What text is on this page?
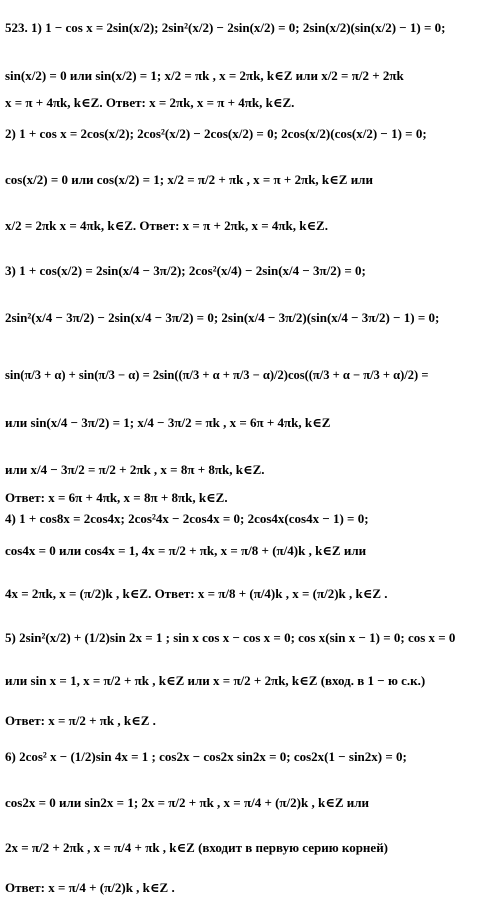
523. 1) 1 − cos x = 2sin(x/2); 2sin²(x/2) − 2sin(x/2) = 0; 2sin(x/2)(sin(x/2) − 1) = 0;
sin(x/2) = 0 или sin(x/2) = 1; x/2 = πk , x = 2πk, k∈Z или x/2 = π/2 + 2πk
x = π + 4πk, k∈Z. Ответ: x = 2πk, x = π + 4πk, k∈Z.
2) 1 + cos x = 2cos(x/2); 2cos²(x/2) − 2cos(x/2) = 0; 2cos(x/2)(cos(x/2) − 1) = 0;
cos(x/2) = 0 или cos(x/2) = 1; x/2 = π/2 + πk , x = π + 2πk, k∈Z или
x/2 = 2πk x = 4πk, k∈Z. Ответ: x = π + 2πk, x = 4πk, k∈Z.
3) 1 + cos(x/2) = 2sin(x/4 − 3π/2); 2cos²(x/4) − 2sin(x/4 − 3π/2) = 0;
2sin²(x/4 − 3π/2) − 2sin(x/4 − 3π/2) = 0; 2sin(x/4 − 3π/2)(sin(x/4 − 3π/2) − 1) = 0;
sin(π/3 + α) + sin(π/3 − α) = 2sin((π/3 + α + π/3 − α)/2)cos((π/3 + α − π/3 + α)/2) =
или sin(x/4 − 3π/2) = 1; x/4 − 3π/2 = πk , x = 6π + 4πk, k∈Z
или x/4 − 3π/2 = π/2 + 2πk , x = 8π + 8πk, k∈Z.
Ответ: x = 6π + 4πk, x = 8π + 8πk, k∈Z.
4) 1 + cos8x = 2cos4x; 2cos²4x − 2cos4x = 0; 2cos4x(cos4x − 1) = 0;
cos4x = 0 или cos4x = 1, 4x = π/2 + πk, x = π/8 + (π/4)k , k∈Z или
4x = 2πk, x = (π/2)k , k∈Z. Ответ: x = π/8 + (π/4)k , x = (π/2)k , k∈Z .
5) 2sin²(x/2) + (1/2)sin 2x = 1 ; sin x cos x − cos x = 0; cos x(sin x − 1) = 0; cos x = 0
или sin x = 1, x = π/2 + πk , k∈Z или x = π/2 + 2πk, k∈Z (вход. в 1 − ю с.к.)
Ответ: x = π/2 + πk , k∈Z .
6) 2cos² x − (1/2)sin 4x = 1 ; cos2x − cos2x sin2x = 0; cos2x(1 − sin2x) = 0;
cos2x = 0 или sin2x = 1; 2x = π/2 + πk , x = π/4 + (π/2)k , k∈Z или
2x = π/2 + 2πk , x = π/4 + πk , k∈Z (входит в первую серию корней)
Ответ: x = π/4 + (π/2)k , k∈Z .
